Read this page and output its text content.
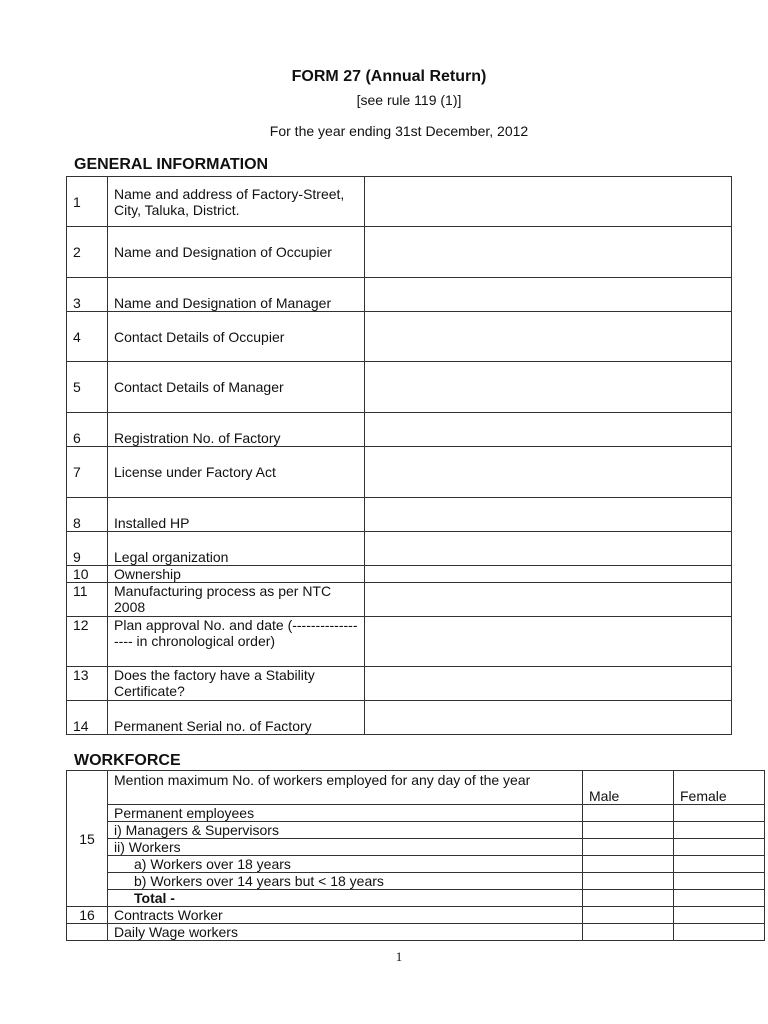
FORM 27 (Annual Return)
[see rule 119 (1)]
For the year ending 31st December, 2012
GENERAL INFORMATION
1	Name and address of Factory-Street, City, Taluka, District.	
2	Name and Designation of Occupier	
3	Name and Designation of Manager	
4	Contact Details of Occupier	
5	Contact Details of Manager	
6	Registration No. of Factory	
7	License under Factory Act	
8	Installed HP	
9	Legal organization	
10	Ownership	
11	Manufacturing process as per NTC 2008	
12	Plan approval No. and date (------------------ in chronological order)	
13	Does the factory have a Stability Certificate?	
14	Permanent Serial no. of Factory	
WORKFORCE
15	Mention maximum No. of workers employed for any day of the year	Male	Female
	Permanent employees		
	i) Managers & Supervisors		
	ii) Workers		
	a) Workers over 18 years		
	b) Workers over 14 years but < 18 years		
	Total -		
16	Contracts Worker		
	Daily Wage workers		
1
